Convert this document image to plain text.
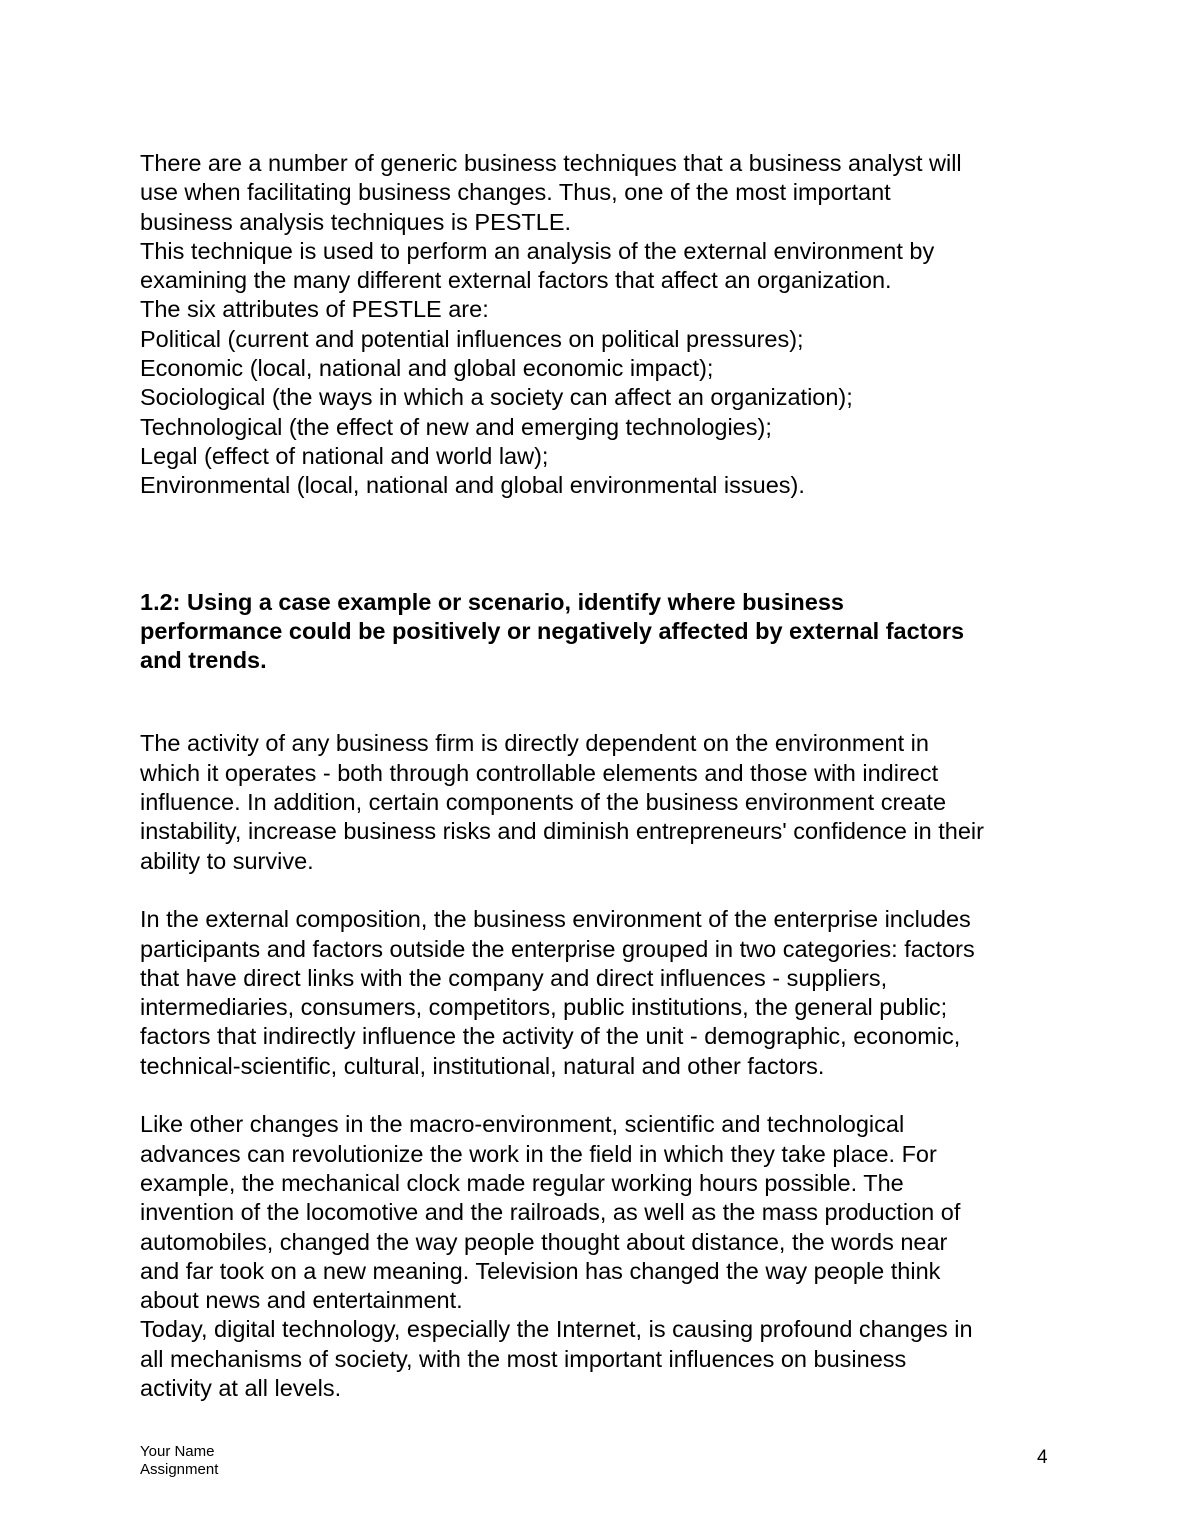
There are a number of generic business techniques that a business analyst will
use when facilitating business changes. Thus, one of the most important
business analysis techniques is PESTLE.
This technique is used to perform an analysis of the external environment by
examining the many different external factors that affect an organization.
The six attributes of PESTLE are:
Political (current and potential influences on political pressures);
Economic (local, national and global economic impact);
Sociological (the ways in which a society can affect an organization);
Technological (the effect of new and emerging technologies);
Legal (effect of national and world law);
Environmental (local, national and global environmental issues).
1.2: Using a case example or scenario, identify where business
performance could be positively or negatively affected by external factors
and trends.
The activity of any business firm is directly dependent on the environment in
which it operates - both through controllable elements and those with indirect
influence. In addition, certain components of the business environment create
instability, increase business risks and diminish entrepreneurs' confidence in their
ability to survive.
In the external composition, the business environment of the enterprise includes
participants and factors outside the enterprise grouped in two categories: factors
that have direct links with the company and direct influences - suppliers,
intermediaries, consumers, competitors, public institutions, the general public;
factors that indirectly influence the activity of the unit - demographic, economic,
technical-scientific, cultural, institutional, natural and other factors.
Like other changes in the macro-environment, scientific and technological
advances can revolutionize the work in the field in which they take place. For
example, the mechanical clock made regular working hours possible. The
invention of the locomotive and the railroads, as well as the mass production of
automobiles, changed the way people thought about distance, the words near
and far took on a new meaning. Television has changed the way people think
about news and entertainment.
Today, digital technology, especially the Internet, is causing profound changes in
all mechanisms of society, with the most important influences on business
activity at all levels.
Your Name
Assignment
4
